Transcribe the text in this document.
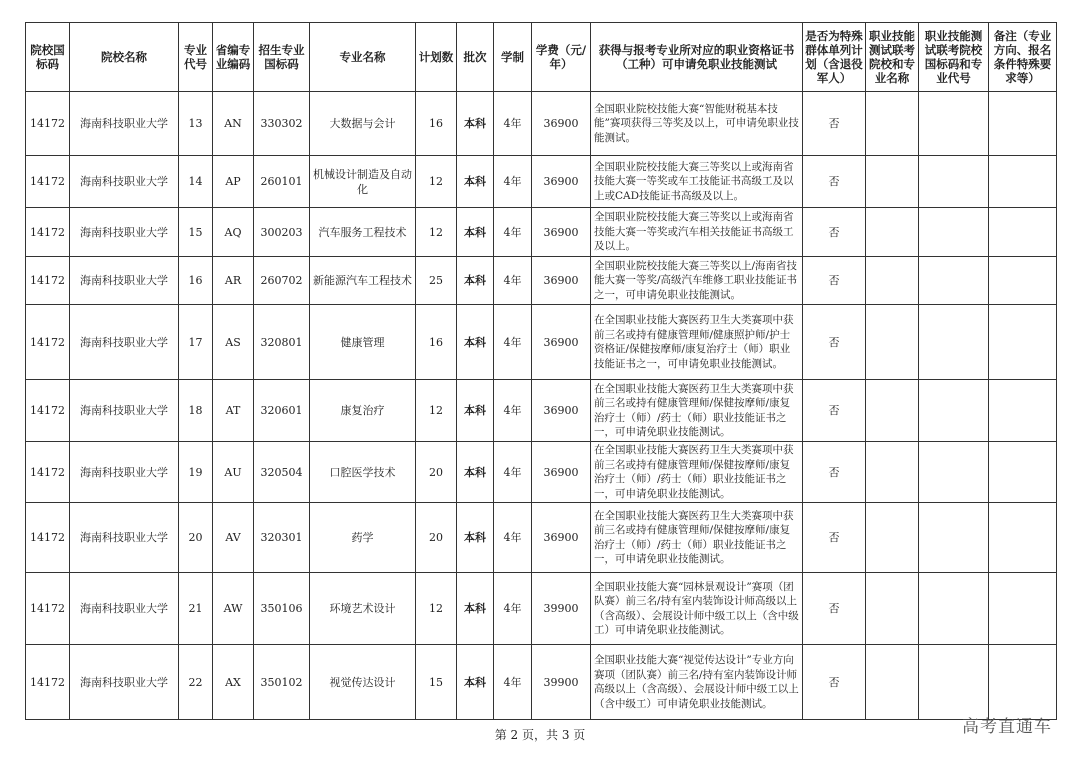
院校国标码	院校名称	专业代号	省编专业编码	招生专业国标码	专业名称	计划数	批次	学制	学费（元/年）	获得与报考专业所对应的职业资格证书（工种）可申请免职业技能测试	是否为特殊群体单列计划（含退役军人）	职业技能测试联考院校和专业名称	职业技能测试联考院校国标码和专业代号	备注（专业方向、报名条件特殊要求等）
14172	海南科技职业大学	13	AN	330302	大数据与会计	16	本科	4年	36900	全国职业院校技能大赛“智能财税基本技能”赛项获得三等奖及以上，可申请免职业技能测试。	否			
14172	海南科技职业大学	14	AP	260101	机械设计制造及自动化	12	本科	4年	36900	全国职业院校技能大赛三等奖以上或海南省技能大赛一等奖或车工技能证书高级工及以上或CAD技能证书高级及以上。	否			
14172	海南科技职业大学	15	AQ	300203	汽车服务工程技术	12	本科	4年	36900	全国职业院校技能大赛三等奖以上或海南省技能大赛一等奖或汽车相关技能证书高级工及以上。	否			
14172	海南科技职业大学	16	AR	260702	新能源汽车工程技术	25	本科	4年	36900	全国职业院校技能大赛三等奖以上/海南省技能大赛一等奖/高级汽车维修工职业技能证书之一，可申请免职业技能测试。	否			
14172	海南科技职业大学	17	AS	320801	健康管理	16	本科	4年	36900	在全国职业技能大赛医药卫生大类赛项中获前三名或持有健康管理师/健康照护师/护士资格证/保健按摩师/康复治疗士（师）职业技能证书之一，可申请免职业技能测试。	否			
14172	海南科技职业大学	18	AT	320601	康复治疗	12	本科	4年	36900	在全国职业技能大赛医药卫生大类赛项中获前三名或持有健康管理师/保健按摩师/康复治疗士（师）/药士（师）职业技能证书之一，可申请免职业技能测试。	否			
14172	海南科技职业大学	19	AU	320504	口腔医学技术	20	本科	4年	36900	在全国职业技能大赛医药卫生大类赛项中获前三名或持有健康管理师/保健按摩师/康复治疗士（师）/药士（师）职业技能证书之一，可申请免职业技能测试。	否			
14172	海南科技职业大学	20	AV	320301	药学	20	本科	4年	36900	在全国职业技能大赛医药卫生大类赛项中获前三名或持有健康管理师/保健按摩师/康复治疗士（师）/药士（师）职业技能证书之一，可申请免职业技能测试。	否			
14172	海南科技职业大学	21	AW	350106	环境艺术设计	12	本科	4年	39900	全国职业技能大赛“园林景观设计”赛项（团队赛）前三名/持有室内装饰设计师高级以上（含高级）、会展设计师中级工以上（含中级工）可申请免职业技能测试。	否			
14172	海南科技职业大学	22	AX	350102	视觉传达设计	15	本科	4年	39900	全国职业技能大赛“视觉传达设计”专业方向赛项（团队赛）前三名/持有室内装饰设计师高级以上（含高级）、会展设计师中级工以上（含中级工）可申请免职业技能测试。	否			
第 2 页，共 3 页	高考直通车
